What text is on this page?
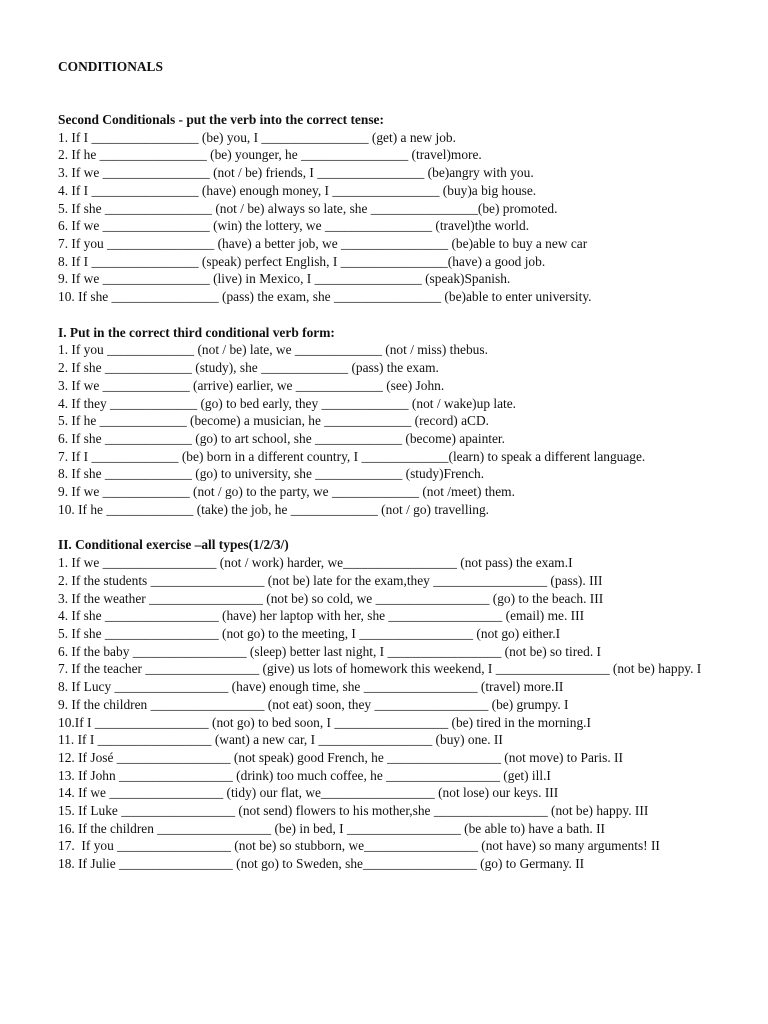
CONDITIONALS

Second Conditionals - put the verb into the correct tense:

1. If I ________________ (be) you, I ________________ (get) a new job.

2. If he ________________ (be) younger, he ________________ (travel)more.

3. If we ________________ (not / be) friends, I ________________ (be)angry with you.

4. If I ________________ (have) enough money, I ________________ (buy)a big house.

5. If she ________________ (not / be) always so late, she ________________(be) promoted.

6. If we ________________ (win) the lottery, we ________________ (travel)the world.

7. If you ________________ (have) a better job, we ________________ (be)able to buy a new car

8. If I ________________ (speak) perfect English, I ________________(have) a good job.

9. If we ________________ (live) in Mexico, I ________________ (speak)Spanish.

10. If she ________________ (pass) the exam, she ________________ (be)able to enter university.

I. Put in the correct third conditional verb form:

1. If you _____________ (not / be) late, we _____________ (not / miss) thebus.

2. If she _____________ (study), she _____________ (pass) the exam.

3. If we _____________ (arrive) earlier, we _____________ (see) John.

4. If they _____________ (go) to bed early, they _____________ (not / wake)up late.

5. If he _____________ (become) a musician, he _____________ (record) aCD.

6. If she _____________ (go) to art school, she _____________ (become) apainter.

7. If I _____________ (be) born in a different country, I _____________(learn) to speak a different language.

8. If she _____________ (go) to university, she _____________ (study)French.

9. If we _____________ (not / go) to the party, we _____________ (not /meet) them.

10. If he _____________ (take) the job, he _____________ (not / go) travelling.

II. Conditional exercise –all types(1/2/3/)

1. If we _________________ (not / work) harder, we_________________ (not pass) the exam.I

2. If the students _________________ (not be) late for the exam,they _________________ (pass). III

3. If the weather _________________ (not be) so cold, we _________________ (go) to the beach. III

4. If she _________________ (have) her laptop with her, she _________________ (email) me. III

5. If she _________________ (not go) to the meeting, I _________________ (not go) either.I

6. If the baby _________________ (sleep) better last night, I _________________ (not be) so tired. I

7. If the teacher _________________ (give) us lots of homework this weekend, I _________________ (not be) happy. I

8. If Lucy _________________ (have) enough time, she _________________ (travel) more.II

9. If the children _________________ (not eat) soon, they _________________ (be) grumpy. I

10.If I _________________ (not go) to bed soon, I _________________ (be) tired in the morning.I

11. If I _________________ (want) a new car, I _________________ (buy) one. II

12. If José _________________ (not speak) good French, he _________________ (not move) to Paris. II

13. If John _________________ (drink) too much coffee, he _________________ (get) ill.I

14. If we _________________ (tidy) our flat, we_________________ (not lose) our keys. III

15. If Luke _________________ (not send) flowers to his mother,she _________________ (not be) happy. III

16. If the children _________________ (be) in bed, I _________________ (be able to) have a bath. II

17.  If you _________________ (not be) so stubborn, we_________________ (not have) so many arguments! II

18. If Julie _________________ (not go) to Sweden, she_________________ (go) to Germany. II
